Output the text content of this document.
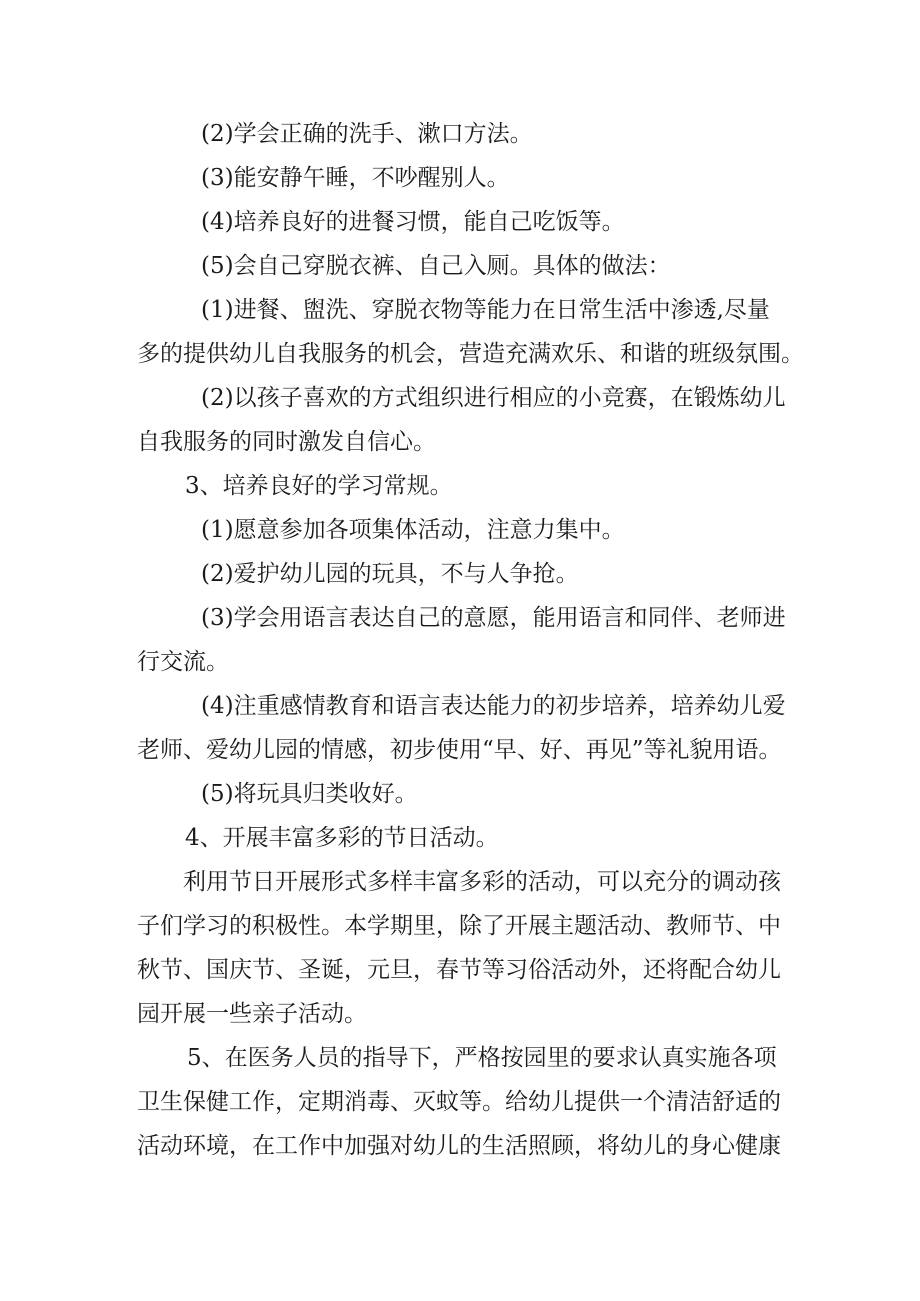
(2)学会正确的洗手、漱口方法。

(3)能安静午睡，不吵醒别人。

(4)培养良好的进餐习惯，能自己吃饭等。

(5)会自己穿脱衣裤、自己入厕。具体的做法：

(1)进餐、盥洗、穿脱衣物等能力在日常生活中渗透,尽量

多的提供幼儿自我服务的机会，营造充满欢乐、和谐的班级氛围。

(2)以孩子喜欢的方式组织进行相应的小竞赛，在锻炼幼儿

自我服务的同时激发自信心。

3、培养良好的学习常规。

(1)愿意参加各项集体活动，注意力集中。

(2)爱护幼儿园的玩具，不与人争抢。

(3)学会用语言表达自己的意愿，能用语言和同伴、老师进

行交流。

(4)注重感情教育和语言表达能力的初步培养，培养幼儿爱

老师、爱幼儿园的情感，初步使用“早、好、再见”等礼貌用语。

(5)将玩具归类收好。

4、开展丰富多彩的节日活动。

利用节日开展形式多样丰富多彩的活动，可以充分的调动孩

子们学习的积极性。本学期里，除了开展主题活动、教师节、中

秋节、国庆节、圣诞，元旦，春节等习俗活动外，还将配合幼儿

园开展一些亲子活动。

5、在医务人员的指导下，严格按园里的要求认真实施各项

卫生保健工作，定期消毒、灭蚊等。给幼儿提供一个清洁舒适的

活动环境，在工作中加强对幼儿的生活照顾，将幼儿的身心健康
